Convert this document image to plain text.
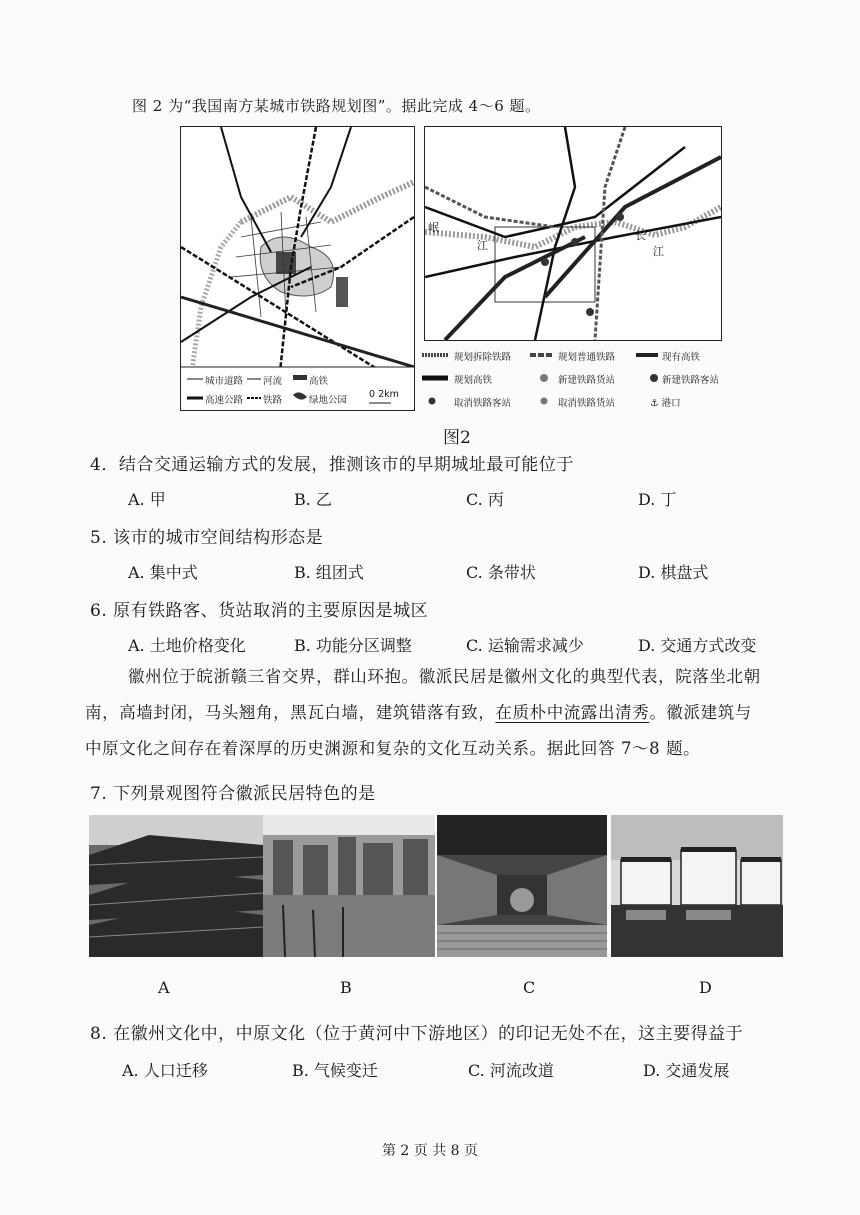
图 2 为“我国南方某城市铁路规划图”。据此完成 4～6 题。
城市道路 河流	高铁
高速公路 铁路	绿地公园
0 2km
岷
江
长
江
规划拆除铁路	规划普通铁路	现有高铁
规划高铁	新建铁路货站	新建铁路客站
取消铁路客站	取消铁路货站	⚓ 港口
图2
4．结合交通运输方式的发展，推测该市的早期城址最可能位于
A. 甲	B. 乙	C. 丙	D. 丁
5. 该市的城市空间结构形态是
A. 集中式	B. 组团式	C. 条带状	D. 棋盘式
6. 原有铁路客、货站取消的主要原因是城区
A. 土地价格变化	B. 功能分区调整	C. 运输需求减少	D. 交通方式改变
徽州位于皖浙赣三省交界，群山环抱。徽派民居是徽州文化的典型代表，院落坐北朝
南，高墙封闭，马头翘角，黑瓦白墙，建筑错落有致，在质朴中流露出清秀。徽派建筑与
中原文化之间存在着深厚的历史渊源和复杂的文化互动关系。据此回答 7～8 题。
7. 下列景观图符合徽派民居特色的是
A	B	C	D
8. 在徽州文化中，中原文化（位于黄河中下游地区）的印记无处不在，这主要得益于
A. 人口迁移	B. 气候变迁	C. 河流改道	D. 交通发展
第 2 页 共 8 页
